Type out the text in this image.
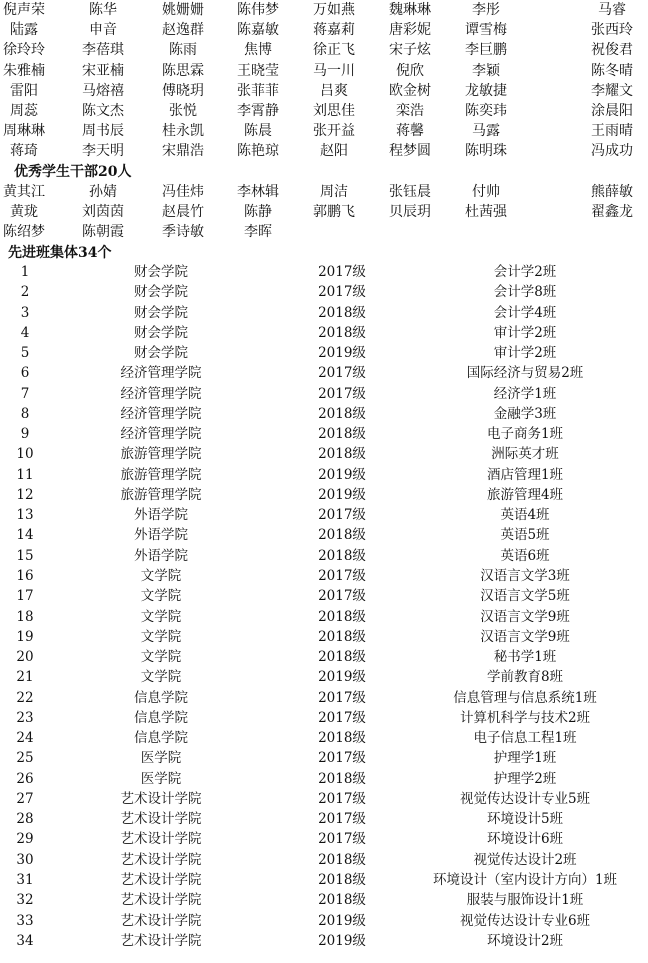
倪声荣	陈华	姚姗姗	陈伟梦	万如燕	魏琳琳	李彤	马睿
陆露	申音	赵逸群	陈嘉敏	蒋嘉莉	唐彩妮	谭雪梅	张西玲
徐玲玲	李蓓琪	陈雨	焦博	徐正飞	宋子炫	李巨鹏	祝俊君
朱雅楠	宋亚楠	陈思霖	王晓莹	马一川	倪欣	李颖	陈冬晴
雷阳	马熔禧	傅晓玥	张菲菲	吕爽	欧金树	龙敏捷	李耀文
周蕊	陈文杰	张悦	李霄静	刘思佳	栾浩	陈奕玮	涂晨阳
周琳琳	周书辰	桂永凯	陈晨	张开益	蒋馨	马露	王雨晴
蒋琦	李天明	宋鼎浩	陈艳琼	赵阳	程梦圆	陈明珠	冯成功
优秀学生干部20人
黄其江	孙婧	冯佳炜	李林辑	周洁	张钰晨	付帅	熊薛敏
黄珑	刘茵茵	赵晨竹	陈静	郭鹏飞	贝辰玥	杜茜强	翟鑫龙
陈绍梦	陈朝霞	季诗敏	李晖
先进班集体34个
1	财会学院	2017级	会计学2班
2	财会学院	2017级	会计学8班
3	财会学院	2018级	会计学4班
4	财会学院	2018级	审计学2班
5	财会学院	2019级	审计学2班
6	经济管理学院	2017级	国际经济与贸易2班
7	经济管理学院	2017级	经济学1班
8	经济管理学院	2018级	金融学3班
9	经济管理学院	2018级	电子商务1班
10	旅游管理学院	2018级	洲际英才班
11	旅游管理学院	2019级	酒店管理1班
12	旅游管理学院	2019级	旅游管理4班
13	外语学院	2017级	英语4班
14	外语学院	2018级	英语5班
15	外语学院	2018级	英语6班
16	文学院	2017级	汉语言文学3班
17	文学院	2017级	汉语言文学5班
18	文学院	2018级	汉语言文学9班
19	文学院	2018级	汉语言文学9班
20	文学院	2018级	秘书学1班
21	文学院	2019级	学前教育8班
22	信息学院	2017级	信息管理与信息系统1班
23	信息学院	2017级	计算机科学与技术2班
24	信息学院	2018级	电子信息工程1班
25	医学院	2017级	护理学1班
26	医学院	2018级	护理学2班
27	艺术设计学院	2017级	视觉传达设计专业5班
28	艺术设计学院	2017级	环境设计5班
29	艺术设计学院	2017级	环境设计6班
30	艺术设计学院	2018级	视觉传达设计2班
31	艺术设计学院	2018级	环境设计（室内设计方向）1班
32	艺术设计学院	2018级	服装与服饰设计1班
33	艺术设计学院	2019级	视觉传达设计专业6班
34	艺术设计学院	2019级	环境设计2班
